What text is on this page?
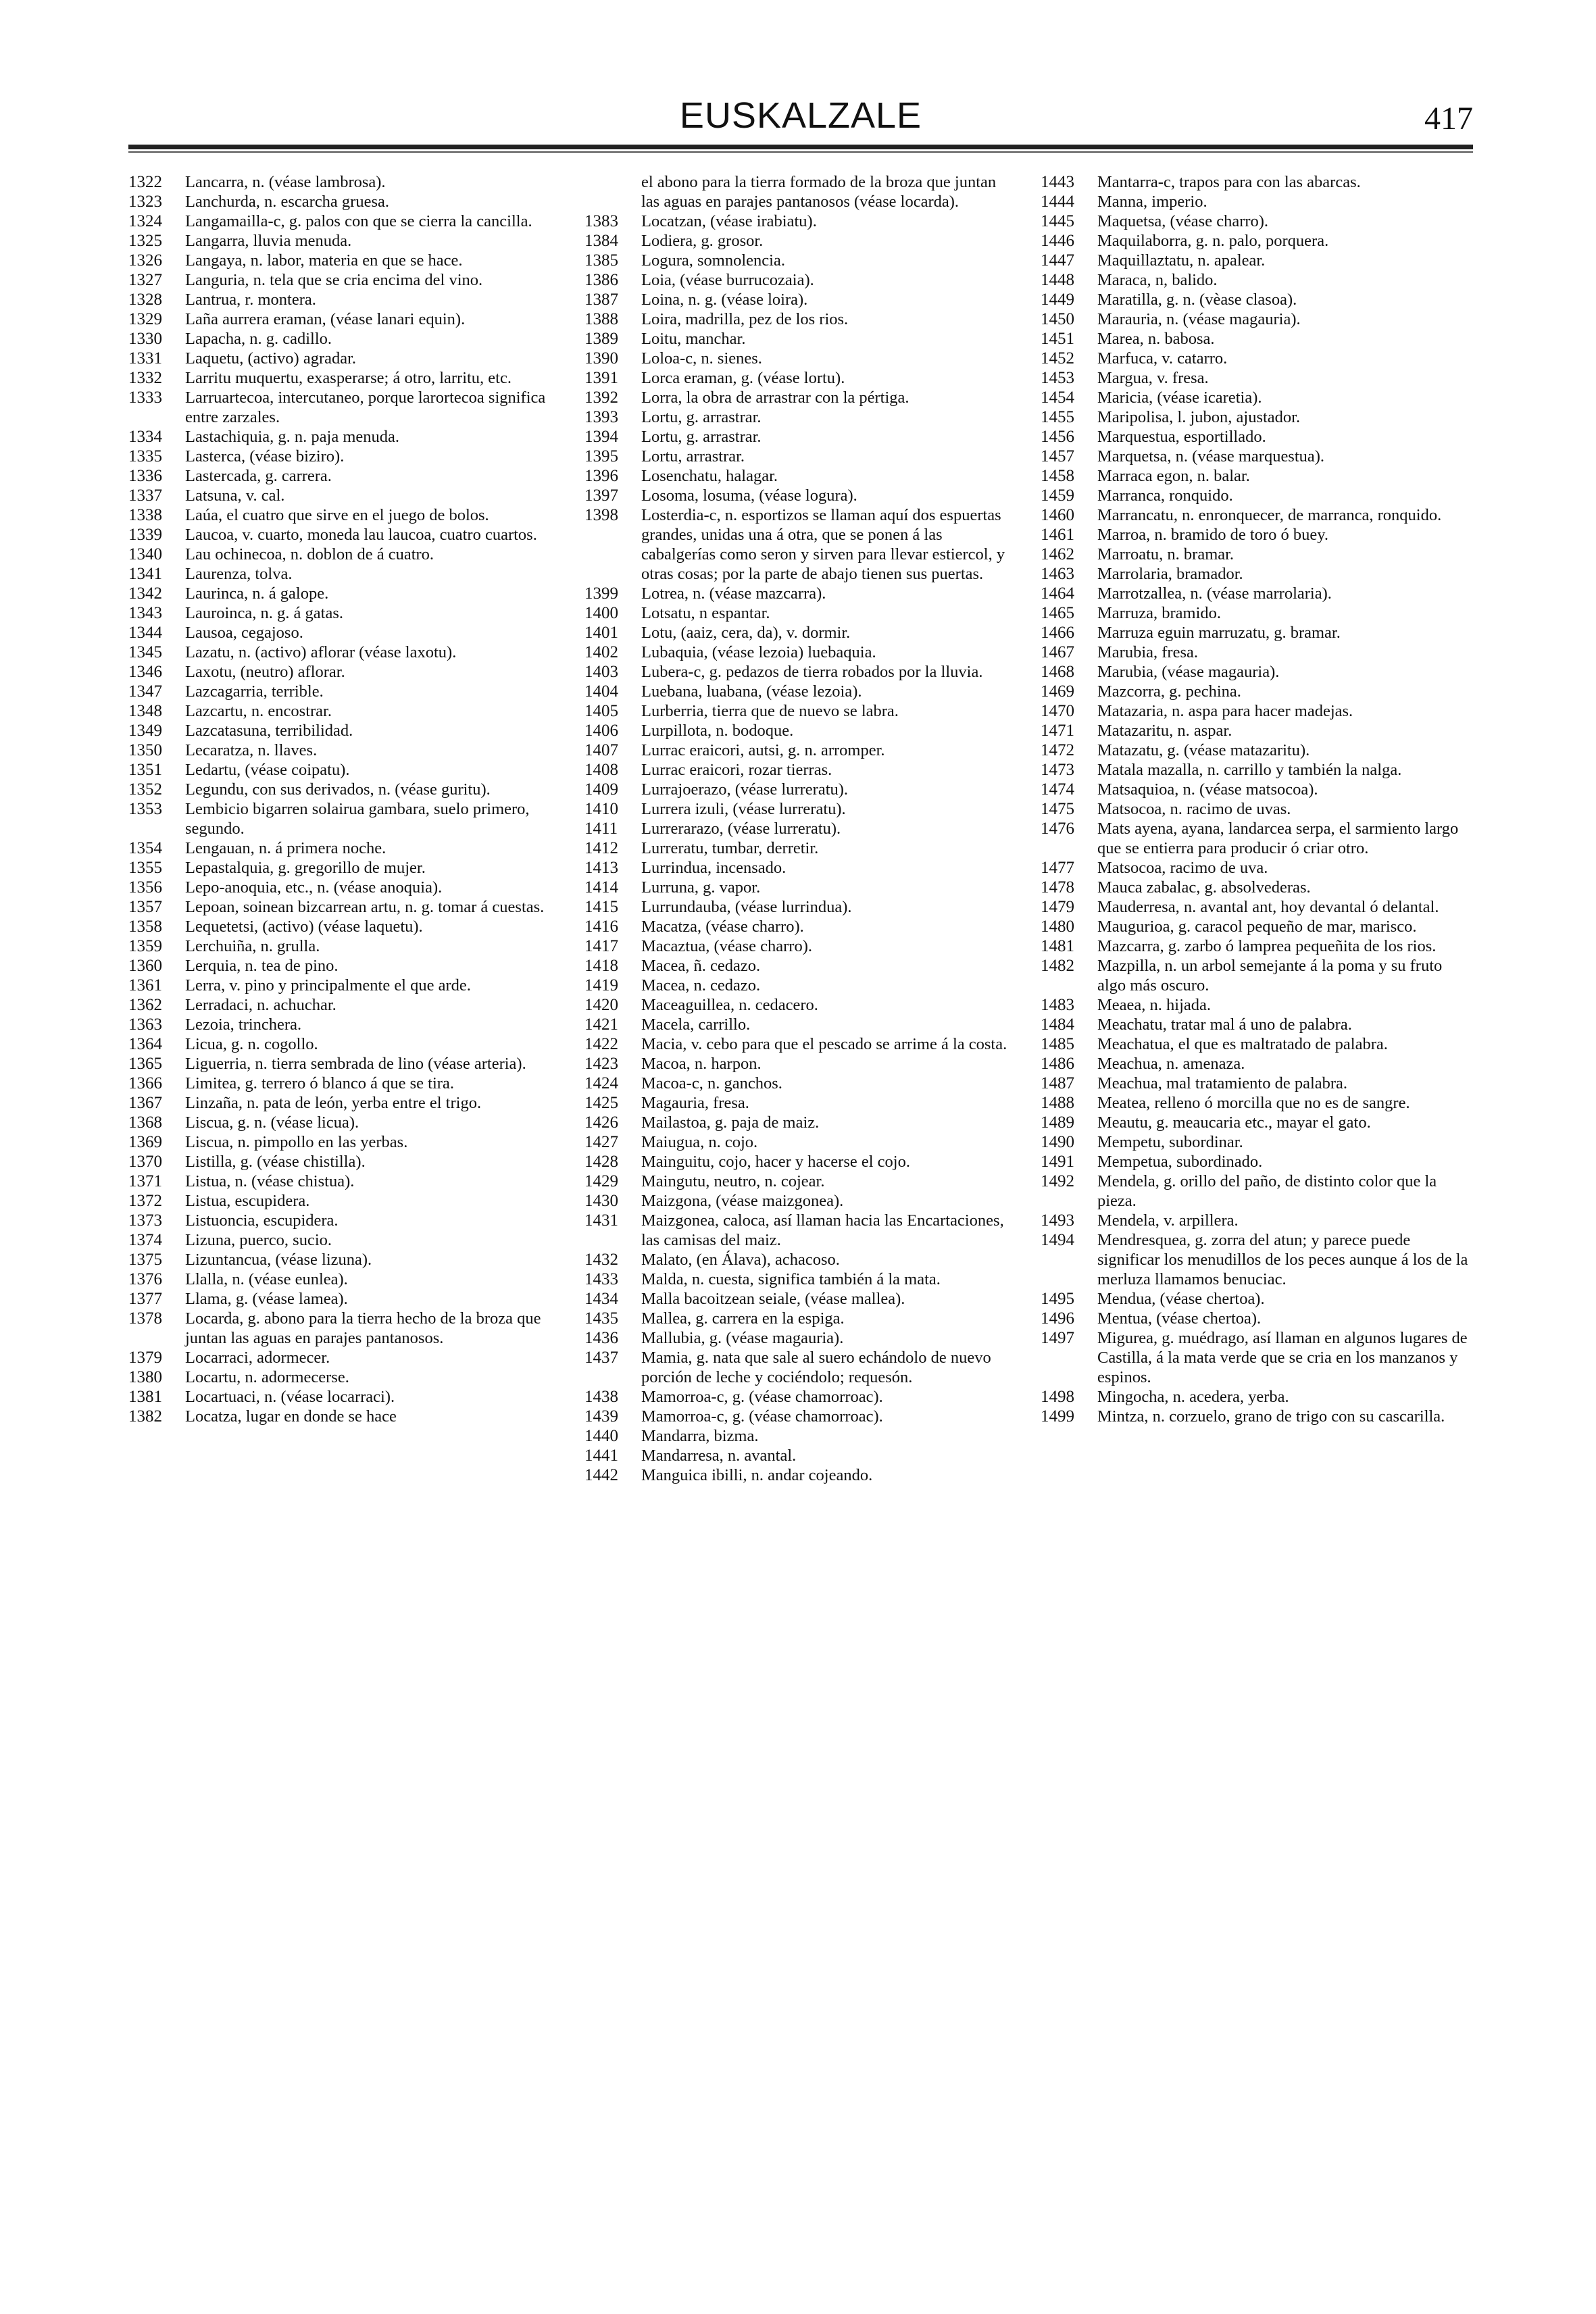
EUSKALZALE	417
1322	Lancarra, n. (véase lambrosa).
1323	Lanchurda, n. escarcha gruesa.
1324	Langamailla-c, g. palos con que se cierra la cancilla.
1325	Langarra, lluvia menuda.
1326	Langaya, n. labor, materia en que se hace.
1327	Languria, n. tela que se cria encima del vino.
1328	Lantrua, r. montera.
1329	Laña aurrera eraman, (véase lanari equin).
1330	Lapacha, n. g. cadillo.
1331	Laquetu, (activo) agradar.
1332	Larritu muquertu, exasperarse; á otro, larritu, etc.
1333	Larruartecoa, intercutaneo, porque larortecoa significa entre zarzales.
1334	Lastachiquia, g. n. paja menuda.
1335	Lasterca, (véase biziro).
1336	Lastercada, g. carrera.
1337	Latsuna, v. cal.
1338	Laúa, el cuatro que sirve en el juego de bolos.
1339	Laucoa, v. cuarto, moneda lau laucoa, cuatro cuartos.
1340	Lau ochinecoa, n. doblon de á cuatro.
1341	Laurenza, tolva.
1342	Laurinca, n. á galope.
1343	Lauroinca, n. g. á gatas.
1344	Lausoa, cegajoso.
1345	Lazatu, n. (activo) aflorar (véase laxotu).
1346	Laxotu, (neutro) aflorar.
1347	Lazcagarria, terrible.
1348	Lazcartu, n. encostrar.
1349	Lazcatasuna, terribilidad.
1350	Lecaratza, n. llaves.
1351	Ledartu, (véase coipatu).
1352	Legundu, con sus derivados, n. (véase guritu).
1353	Lembicio bigarren solairua gambara, suelo primero, segundo.
1354	Lengauan, n. á primera noche.
1355	Lepastalquia, g. gregorillo de mujer.
1356	Lepo-anoquia, etc., n. (véase anoquia).
1357	Lepoan, soinean bizcarrean artu, n. g. tomar á cuestas.
1358	Lequetetsi, (activo) (véase laquetu).
1359	Lerchuiña, n. grulla.
1360	Lerquia, n. tea de pino.
1361	Lerra, v. pino y principalmente el que arde.
1362	Lerradaci, n. achuchar.
1363	Lezoia, trinchera.
1364	Licua, g. n. cogollo.
1365	Liguerria, n. tierra sembrada de lino (véase arteria).
1366	Limitea, g. terrero ó blanco á que se tira.
1367	Linzaña, n. pata de león, yerba entre el trigo.
1368	Liscua, g. n. (véase licua).
1369	Liscua, n. pimpollo en las yerbas.
1370	Listilla, g. (véase chistilla).
1371	Listua, n. (véase chistua).
1372	Listua, escupidera.
1373	Listuoncia, escupidera.
1374	Lizuna, puerco, sucio.
1375	Lizuntancua, (véase lizuna).
1376	Llalla, n. (véase eunlea).
1377	Llama, g. (véase lamea).
1378	Locarda, g. abono para la tierra hecho de la broza que juntan las aguas en parajes pantanosos.
1379	Locarraci, adormecer.
1380	Locartu, n. adormecerse.
1381	Locartuaci, n. (véase locarraci).
1382	Locatza, lugar en donde se hace
el abono para la tierra formado de la broza que juntan las aguas en parajes pantanosos (véase locarda).
1383	Locatzan, (véase irabiatu).
1384	Lodiera, g. grosor.
1385	Logura, somnolencia.
1386	Loia, (véase burrucozaia).
1387	Loina, n. g. (véase loira).
1388	Loira, madrilla, pez de los rios.
1389	Loitu, manchar.
1390	Loloa-c, n. sienes.
1391	Lorca eraman, g. (véase lortu).
1392	Lorra, la obra de arrastrar con la pértiga.
1393	Lortu, g. arrastrar.
1394	Lortu, g. arrastrar.
1395	Lortu, arrastrar.
1396	Losenchatu, halagar.
1397	Losoma, losuma, (véase logura).
1398	Losterdia-c, n. esportizos se llaman aquí dos espuertas grandes, unidas una á otra, que se ponen á las cabalgerías como seron y sirven para llevar estiercol, y otras cosas; por la parte de abajo tienen sus puertas.
1399	Lotrea, n. (véase mazcarra).
1400	Lotsatu, n espantar.
1401	Lotu, (aaiz, cera, da), v. dormir.
1402	Lubaquia, (véase lezoia) luebaquia.
1403	Lubera-c, g. pedazos de tierra robados por la lluvia.
1404	Luebana, luabana, (véase lezoia).
1405	Lurberria, tierra que de nuevo se labra.
1406	Lurpillota, n. bodoque.
1407	Lurrac eraicori, autsi, g. n. arromper.
1408	Lurrac eraicori, rozar tierras.
1409	Lurrajoerazo, (véase lurreratu).
1410	Lurrera izuli, (véase lurreratu).
1411	Lurrerarazo, (véase lurreratu).
1412	Lurreratu, tumbar, derretir.
1413	Lurrindua, incensado.
1414	Lurruna, g. vapor.
1415	Lurrundauba, (véase lurrindua).
1416	Macatza, (véase charro).
1417	Macaztua, (véase charro).
1418	Macea, ñ. cedazo.
1419	Macea, n. cedazo.
1420	Maceaguillea, n. cedacero.
1421	Macela, carrillo.
1422	Macia, v. cebo para que el pescado se arrime á la costa.
1423	Macoa, n. harpon.
1424	Macoa-c, n. ganchos.
1425	Magauria, fresa.
1426	Mailastoa, g. paja de maiz.
1427	Maiugua, n. cojo.
1428	Mainguitu, cojo, hacer y hacerse el cojo.
1429	Maingutu, neutro, n. cojear.
1430	Maizgona, (véase maizgonea).
1431	Maizgonea, caloca, así llaman hacia las Encartaciones, las camisas del maiz.
1432	Malato, (en Álava), achacoso.
1433	Malda, n. cuesta, significa también á la mata.
1434	Malla bacoitzean seiale, (véase mallea).
1435	Mallea, g. carrera en la espiga.
1436	Mallubia, g. (véase magauria).
1437	Mamia, g. nata que sale al suero echándolo de nuevo porción de leche y cociéndolo; requesón.
1438	Mamorroa-c, g. (véase chamorroac).
1439	Mamorroa-c, g. (véase chamorroac).
1440	Mandarra, bizma.
1441	Mandarresa, n. avantal.
1442	Manguica ibilli, n. andar cojeando.
1443	Mantarra-c, trapos para con las abarcas.
1444	Manna, imperio.
1445	Maquetsa, (véase charro).
1446	Maquilaborra, g. n. palo, porquera.
1447	Maquillaztatu, n. apalear.
1448	Maraca, n, balido.
1449	Maratilla, g. n. (vèase clasoa).
1450	Marauria, n. (véase magauria).
1451	Marea, n. babosa.
1452	Marfuca, v. catarro.
1453	Margua, v. fresa.
1454	Maricia, (véase icaretia).
1455	Maripolisa, l. jubon, ajustador.
1456	Marquestua, esportillado.
1457	Marquetsa, n. (véase marquestua).
1458	Marraca egon, n. balar.
1459	Marranca, ronquido.
1460	Marrancatu, n. enronquecer, de marranca, ronquido.
1461	Marroa, n. bramido de toro ó buey.
1462	Marroatu, n. bramar.
1463	Marrolaria, bramador.
1464	Marrotzallea, n. (véase marrolaria).
1465	Marruza, bramido.
1466	Marruza eguin marruzatu, g. bramar.
1467	Marubia, fresa.
1468	Marubia, (véase magauria).
1469	Mazcorra, g. pechina.
1470	Matazaria, n. aspa para hacer madejas.
1471	Matazaritu, n. aspar.
1472	Matazatu, g. (véase matazaritu).
1473	Matala mazalla, n. carrillo y también la nalga.
1474	Matsaquioa, n. (véase matsocoa).
1475	Matsocoa, n. racimo de uvas.
1476	Mats ayena, ayana, landarcea serpa, el sarmiento largo que se entierra para producir ó criar otro.
1477	Matsocoa, racimo de uva.
1478	Mauca zabalac, g. absolvederas.
1479	Mauderresa, n. avantal ant, hoy devantal ó delantal.
1480	Maugurioa, g. caracol pequeño de mar, marisco.
1481	Mazcarra, g. zarbo ó lamprea pequeñita de los rios.
1482	Mazpilla, n. un arbol semejante á la poma y su fruto algo más oscuro.
1483	Meaea, n. hijada.
1484	Meachatu, tratar mal á uno de palabra.
1485	Meachatua, el que es maltratado de palabra.
1486	Meachua, n. amenaza.
1487	Meachua, mal tratamiento de palabra.
1488	Meatea, relleno ó morcilla que no es de sangre.
1489	Meautu, g. meaucaria etc., mayar el gato.
1490	Mempetu, subordinar.
1491	Mempetua, subordinado.
1492	Mendela, g. orillo del paño, de distinto color que la pieza.
1493	Mendela, v. arpillera.
1494	Mendresquea, g. zorra del atun; y parece puede significar los menudillos de los peces aunque á los de la merluza llamamos benuciac.
1495	Mendua, (véase chertoa).
1496	Mentua, (véase chertoa).
1497	Migurea, g. muédrago, así llaman en algunos lugares de Castilla, á la mata verde que se cria en los manzanos y espinos.
1498	Mingocha, n. acedera, yerba.
1499	Mintza, n. corzuelo, grano de trigo con su cascarilla.
